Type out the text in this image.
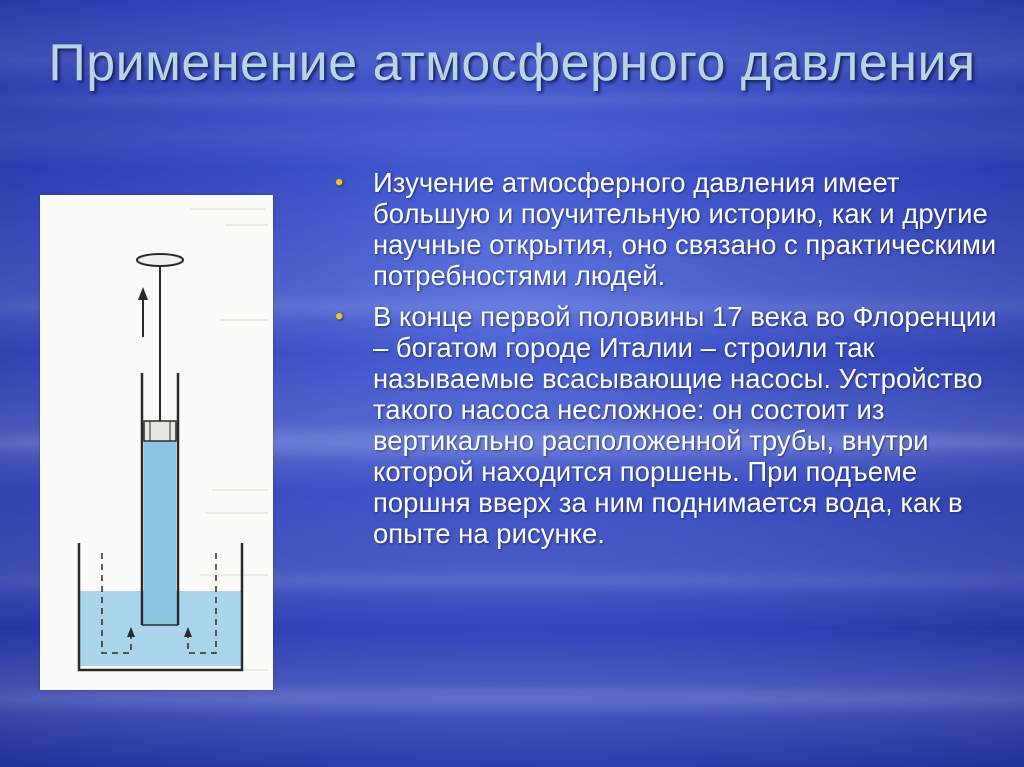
Применение атмосферного давления
• Изучение атмосферного давления имеет большую и поучительную историю, как и другие научные открытия, оно связано с практическими потребностями людей.
• В конце первой половины 17 века во Флоренции – богатом городе Италии – строили так называемые всасывающие насосы. Устройство такого насоса несложное: он состоит из вертикально расположенной трубы, внутри которой находится поршень. При подъеме поршня вверх за ним поднимается вода, как в опыте на рисунке.
